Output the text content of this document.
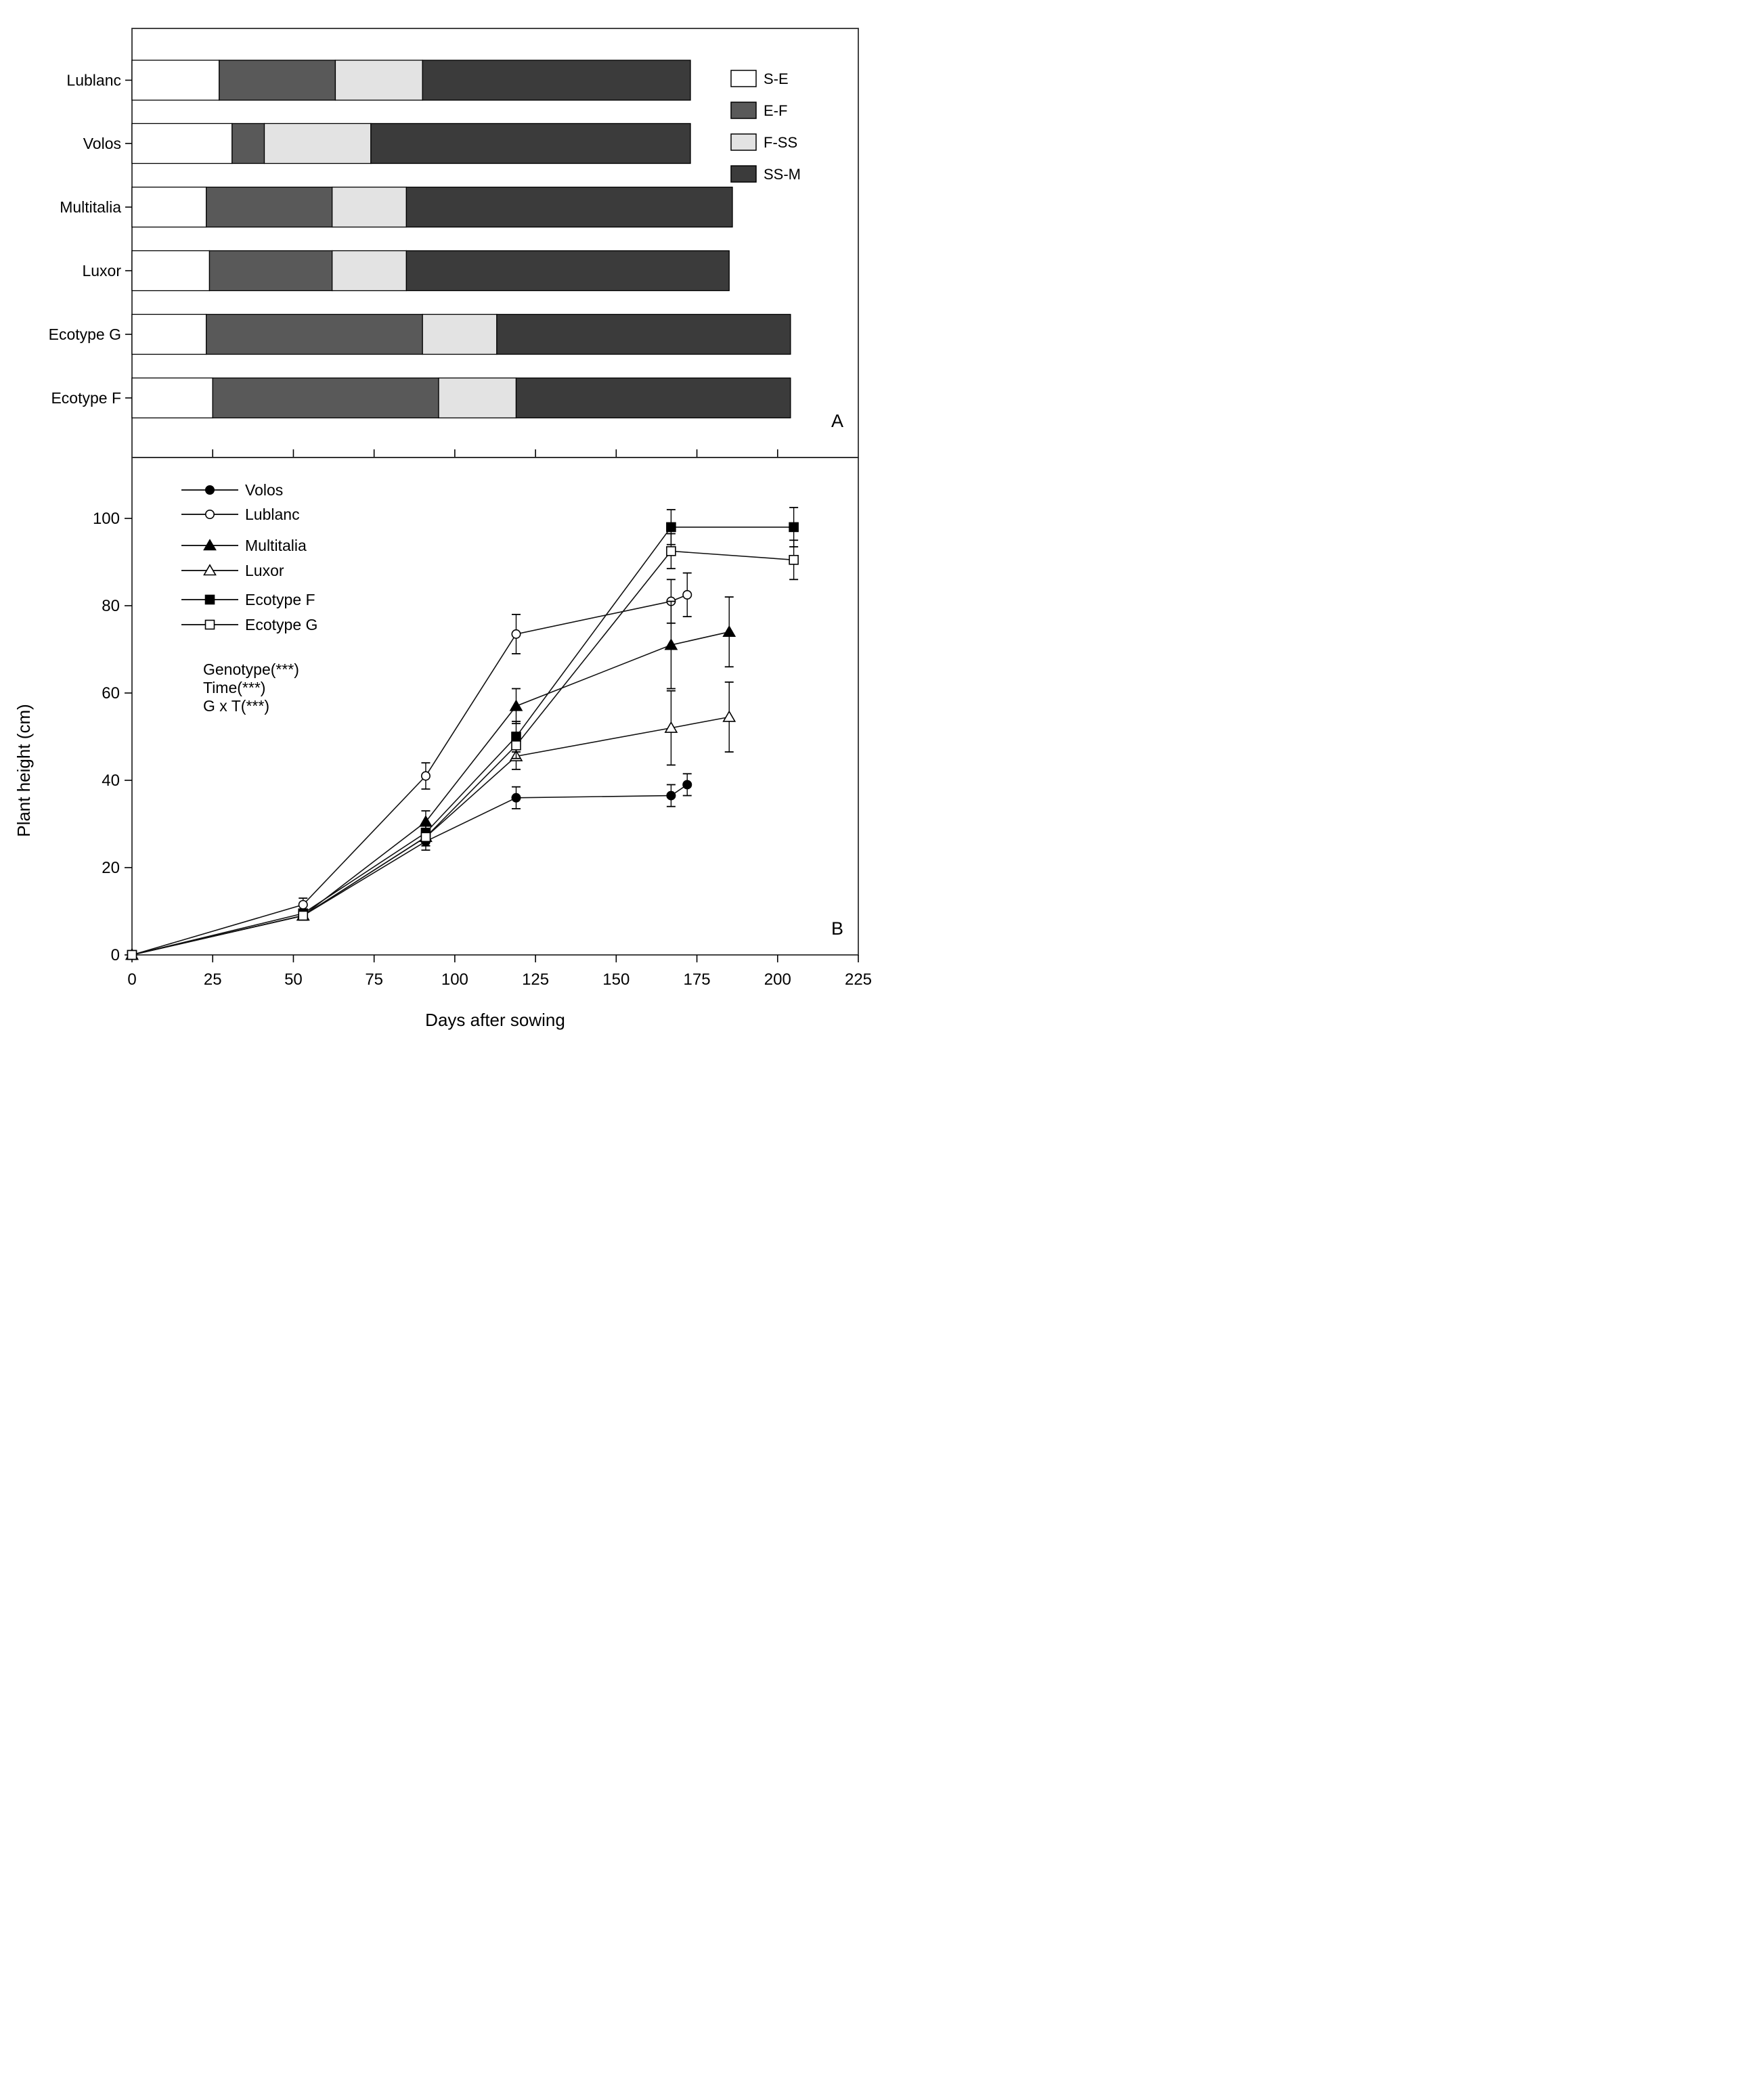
Lublanc
Volos
Multitalia
Luxor
Ecotype G
Ecotype F
S-E
E-F
F-SS
SS-M
A
0	25	50	75	100	125	150	175	200	225
0
20
40
60
80
100
Days after sowing
Plant height (cm)
Volos
Lublanc
Multitalia
Luxor
Ecotype F
Ecotype G
Genotype(***)
Time(***)
G x T(***)
B
